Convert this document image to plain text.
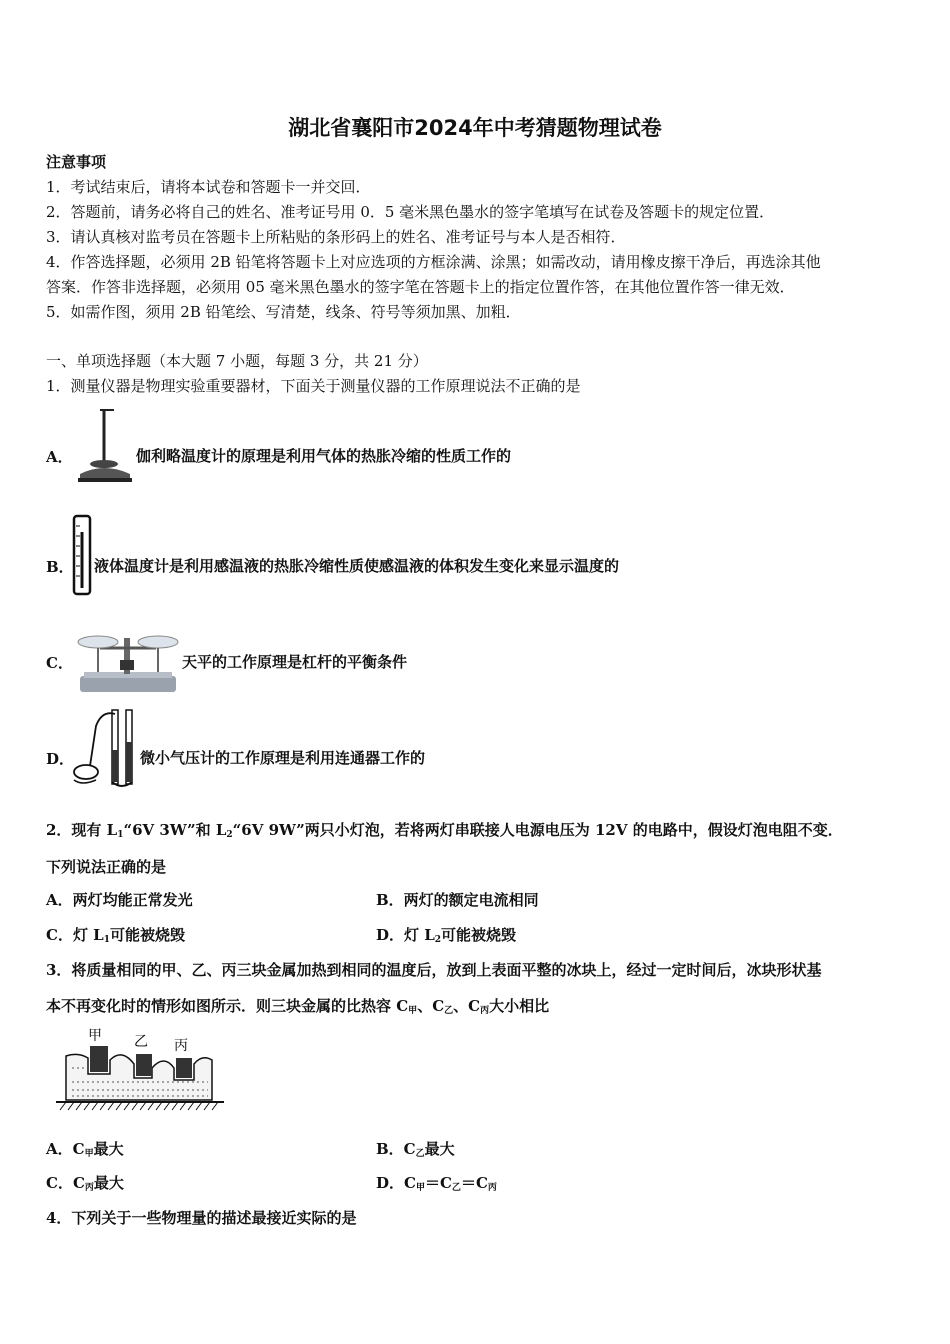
湖北省襄阳市2024年中考猜题物理试卷
注意事项
1．考试结束后，请将本试卷和答题卡一并交回．
2．答题前，请务必将自己的姓名、准考证号用 0．5 毫米黑色墨水的签字笔填写在试卷及答题卡的规定位置．
3．请认真核对监考员在答题卡上所粘贴的条形码上的姓名、准考证号与本人是否相符．
4．作答选择题，必须用 2B 铅笔将答题卡上对应选项的方框涂满、涂黑；如需改动，请用橡皮擦干净后，再选涂其他
答案．作答非选择题，必须用 05 毫米黑色墨水的签字笔在答题卡上的指定位置作答，在其他位置作答一律无效．
5．如需作图，须用 2B 铅笔绘、写清楚，线条、符号等须加黑、加粗．
一、单项选择题（本大题 7 小题，每题 3 分，共 21 分）
1．测量仪器是物理实验重要器材，下面关于测量仪器的工作原理说法不正确的是
A．	伽利略温度计的原理是利用气体的热胀冷缩的性质工作的
B． 液体温度计是利用感温液的热胀冷缩性质使感温液的体积发生变化来显示温度的
C．	天平的工作原理是杠杆的平衡条件
D．	微小气压计的工作原理是利用连通器工作的
2．现有 $L_1“6V$ 3W”和 $L_2“6V$ 9W”两只小灯泡，若将两灯串联接人电源电压为 12V 的电路中，假设灯泡电阻不变．
下列说法正确的是
A．两灯均能正常发光	B．两灯的额定电流相同
C．灯 $L_1$可能被烧毁	D．灯 $L_2$可能被烧毁
3．将质量相同的甲、乙、丙三块金属加热到相同的温度后，放到上表面平整的冰块上，经过一定时间后，冰块形状基
本不再变化时的情形如图所示．则三块金属的比热容 $C_甲$、$C_乙$、$C_丙$大小相比
甲 乙 丙
A．$C_甲$最大	B．$C_乙$最大
C．$C_丙$最大	D．$C_甲=C_乙=C_丙$
4．下列关于一些物理量的描述最接近实际的是
